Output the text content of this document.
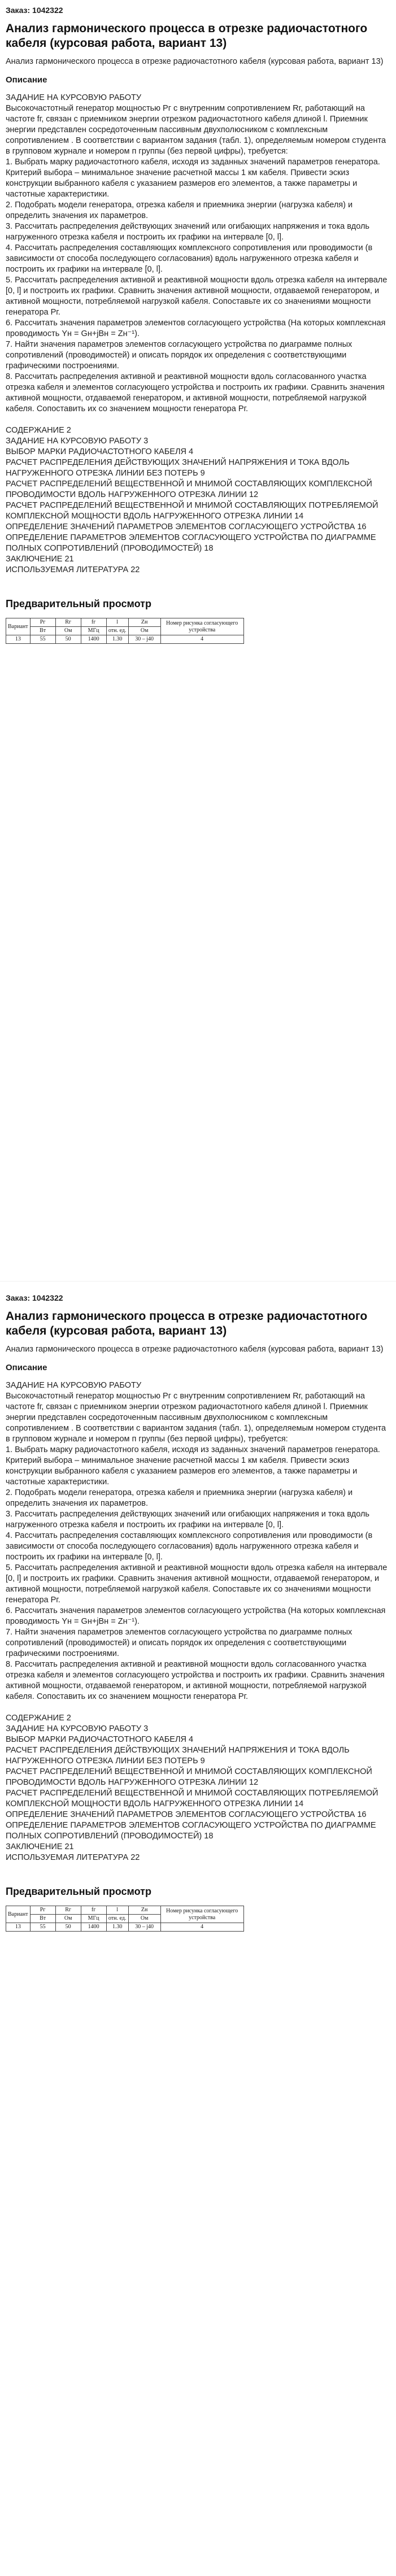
Заказ: 1042322
Анализ гармонического процесса в отрезке радиочастотного кабеля (курсовая работа, вариант 13)
Анализ гармонического процесса в отрезке радиочастотного кабеля (курсовая работа, вариант 13)
Описание
ЗАДАНИЕ НА КУРСОВУЮ РАБОТУ
Высокочастотный генератор мощностью Pг с внутренним сопротивлением Rг, работающий на частоте fг, связан с приемником энергии отрезком радиочастотного кабеля длиной l. Приемник энергии представлен сосредоточенным пассивным двухполюсником с комплексным сопротивлением . В соответствии с вариантом задания (табл. 1), определяемым номером студента в групповом журнале и номером п группы (без первой цифры), требуется:
1. Выбрать марку радиочастотного кабеля, исходя из заданных значений параметров генератора. Критерий выбора – минимальное значение расчетной массы 1 км кабеля. Привести эскиз конструкции выбранного кабеля с указанием размеров его элементов, а также параметры и частотные характеристики.
2. Подобрать модели генератора, отрезка кабеля и приемника энергии (нагрузка кабеля) и определить значения их параметров.
3. Рассчитать распределения действующих значений или огибающих напряжения и тока вдоль нагруженного отрезка кабеля и построить их графики на интервале [0, l].
4. Рассчитать распределения составляющих комплексного сопротивления или проводимости (в зависимости от способа последующего согласования) вдоль нагруженного отрезка кабеля и построить их графики на интервале [0, l].
5. Рассчитать распределения активной и реактивной мощности вдоль отрезка кабеля на интервале [0, l] и построить их графики. Сравнить значения активной мощности, отдаваемой генератором, и активной мощности, потребляемой нагрузкой кабеля. Сопоставьте их со значениями мощности генератора Pг.
6. Рассчитать значения параметров элементов согласующего устройства (На которых комплексная проводимость Yн = Gн+jBн = Zн⁻¹).
7. Найти значения параметров элементов согласующего устройства по диаграмме полных сопротивлений (проводимостей) и описать порядок их определения с соответствующими графическими построениями.
8. Рассчитать распределения активной и реактивной мощности вдоль согласованного участка отрезка кабеля и элементов согласующего устройства и построить их графики. Сравнить значения активной мощности, отдаваемой генератором, и активной мощности, потребляемой нагрузкой кабеля. Сопоставить их со значением мощности генератора Pг.

СОДЕРЖАНИЕ 2
ЗАДАНИЕ НА КУРСОВУЮ РАБОТУ 3
ВЫБОР МАРКИ РАДИОЧАСТОТНОГО КАБЕЛЯ 4
РАСЧЕТ РАСПРЕДЕЛЕНИЯ ДЕЙСТВУЮЩИХ ЗНАЧЕНИЙ НАПРЯЖЕНИЯ И ТОКА ВДОЛЬ НАГРУЖЕННОГО ОТРЕЗКА ЛИНИИ БЕЗ ПОТЕРЬ 9
РАСЧЕТ РАСПРЕДЕЛЕНИЙ ВЕЩЕСТВЕННОЙ И МНИМОЙ СОСТАВЛЯЮЩИХ КОМПЛЕКСНОЙ ПРОВОДИМОСТИ ВДОЛЬ НАГРУЖЕННОГО ОТРЕЗКА ЛИНИИ 12
РАСЧЕТ РАСПРЕДЕЛЕНИЙ ВЕЩЕСТВЕННОЙ И МНИМОЙ СОСТАВЛЯЮЩИХ ПОТРЕБЛЯЕМОЙ КОМПЛЕКСНОЙ МОЩНОСТИ ВДОЛЬ НАГРУЖЕННОГО ОТРЕЗКА ЛИНИИ 14
ОПРЕДЕЛЕНИЕ ЗНАЧЕНИЙ ПАРАМЕТРОВ ЭЛЕМЕНТОВ СОГЛАСУЮЩЕГО УСТРОЙСТВА 16
ОПРЕДЕЛЕНИЕ ПАРАМЕТРОВ ЭЛЕМЕНТОВ СОГЛАСУЮЩЕГО УСТРОЙСТВА ПО ДИАГРАММЕ ПОЛНЫХ СОПРОТИВЛЕНИЙ (ПРОВОДИМОСТЕЙ) 18
ЗАКЛЮЧЕНИЕ 21
ИСПОЛЬЗУЕМАЯ ЛИТЕРАТУРА 22
Предварительный просмотр
Вариант	Pг	Rг	fг	l	Zн	Номер рисунка согласующего устройства
	Вт	Ом	МГц	отн. ед.	Ом	
13	55	50	1400	1.30	30 – j40	4
Заказ: 1042322
Анализ гармонического процесса в отрезке радиочастотного кабеля (курсовая работа, вариант 13)
Анализ гармонического процесса в отрезке радиочастотного кабеля (курсовая работа, вариант 13)
Описание
ЗАДАНИЕ НА КУРСОВУЮ РАБОТУ
Высокочастотный генератор мощностью Pг с внутренним сопротивлением Rг, работающий на частоте fг, связан с приемником энергии отрезком радиочастотного кабеля длиной l. Приемник энергии представлен сосредоточенным пассивным двухполюсником с комплексным сопротивлением . В соответствии с вариантом задания (табл. 1), определяемым номером студента в групповом журнале и номером п группы (без первой цифры), требуется:
1. Выбрать марку радиочастотного кабеля, исходя из заданных значений параметров генератора. Критерий выбора – минимальное значение расчетной массы 1 км кабеля. Привести эскиз конструкции выбранного кабеля с указанием размеров его элементов, а также параметры и частотные характеристики.
2. Подобрать модели генератора, отрезка кабеля и приемника энергии (нагрузка кабеля) и определить значения их параметров.
3. Рассчитать распределения действующих значений или огибающих напряжения и тока вдоль нагруженного отрезка кабеля и построить их графики на интервале [0, l].
4. Рассчитать распределения составляющих комплексного сопротивления или проводимости (в зависимости от способа последующего согласования) вдоль нагруженного отрезка кабеля и построить их графики на интервале [0, l].
5. Рассчитать распределения активной и реактивной мощности вдоль отрезка кабеля на интервале [0, l] и построить их графики. Сравнить значения активной мощности, отдаваемой генератором, и активной мощности, потребляемой нагрузкой кабеля. Сопоставьте их со значениями мощности генератора Pг.
6. Рассчитать значения параметров элементов согласующего устройства (На которых комплексная проводимость Yн = Gн+jBн = Zн⁻¹).
7. Найти значения параметров элементов согласующего устройства по диаграмме полных сопротивлений (проводимостей) и описать порядок их определения с соответствующими графическими построениями.
8. Рассчитать распределения активной и реактивной мощности вдоль согласованного участка отрезка кабеля и элементов согласующего устройства и построить их графики. Сравнить значения активной мощности, отдаваемой генератором, и активной мощности, потребляемой нагрузкой кабеля. Сопоставить их со значением мощности генератора Pг.

СОДЕРЖАНИЕ 2
ЗАДАНИЕ НА КУРСОВУЮ РАБОТУ 3
ВЫБОР МАРКИ РАДИОЧАСТОТНОГО КАБЕЛЯ 4
РАСЧЕТ РАСПРЕДЕЛЕНИЯ ДЕЙСТВУЮЩИХ ЗНАЧЕНИЙ НАПРЯЖЕНИЯ И ТОКА ВДОЛЬ НАГРУЖЕННОГО ОТРЕЗКА ЛИНИИ БЕЗ ПОТЕРЬ 9
РАСЧЕТ РАСПРЕДЕЛЕНИЙ ВЕЩЕСТВЕННОЙ И МНИМОЙ СОСТАВЛЯЮЩИХ КОМПЛЕКСНОЙ ПРОВОДИМОСТИ ВДОЛЬ НАГРУЖЕННОГО ОТРЕЗКА ЛИНИИ 12
РАСЧЕТ РАСПРЕДЕЛЕНИЙ ВЕЩЕСТВЕННОЙ И МНИМОЙ СОСТАВЛЯЮЩИХ ПОТРЕБЛЯЕМОЙ КОМПЛЕКСНОЙ МОЩНОСТИ ВДОЛЬ НАГРУЖЕННОГО ОТРЕЗКА ЛИНИИ 14
ОПРЕДЕЛЕНИЕ ЗНАЧЕНИЙ ПАРАМЕТРОВ ЭЛЕМЕНТОВ СОГЛАСУЮЩЕГО УСТРОЙСТВА 16
ОПРЕДЕЛЕНИЕ ПАРАМЕТРОВ ЭЛЕМЕНТОВ СОГЛАСУЮЩЕГО УСТРОЙСТВА ПО ДИАГРАММЕ ПОЛНЫХ СОПРОТИВЛЕНИЙ (ПРОВОДИМОСТЕЙ) 18
ЗАКЛЮЧЕНИЕ 21
ИСПОЛЬЗУЕМАЯ ЛИТЕРАТУРА 22
Предварительный просмотр
Вариант	Pг	Rг	fг	l	Zн	Номер рисунка согласующего устройства
	Вт	Ом	МГц	отн. ед.	Ом	
13	55	50	1400	1.30	30 – j40	4
